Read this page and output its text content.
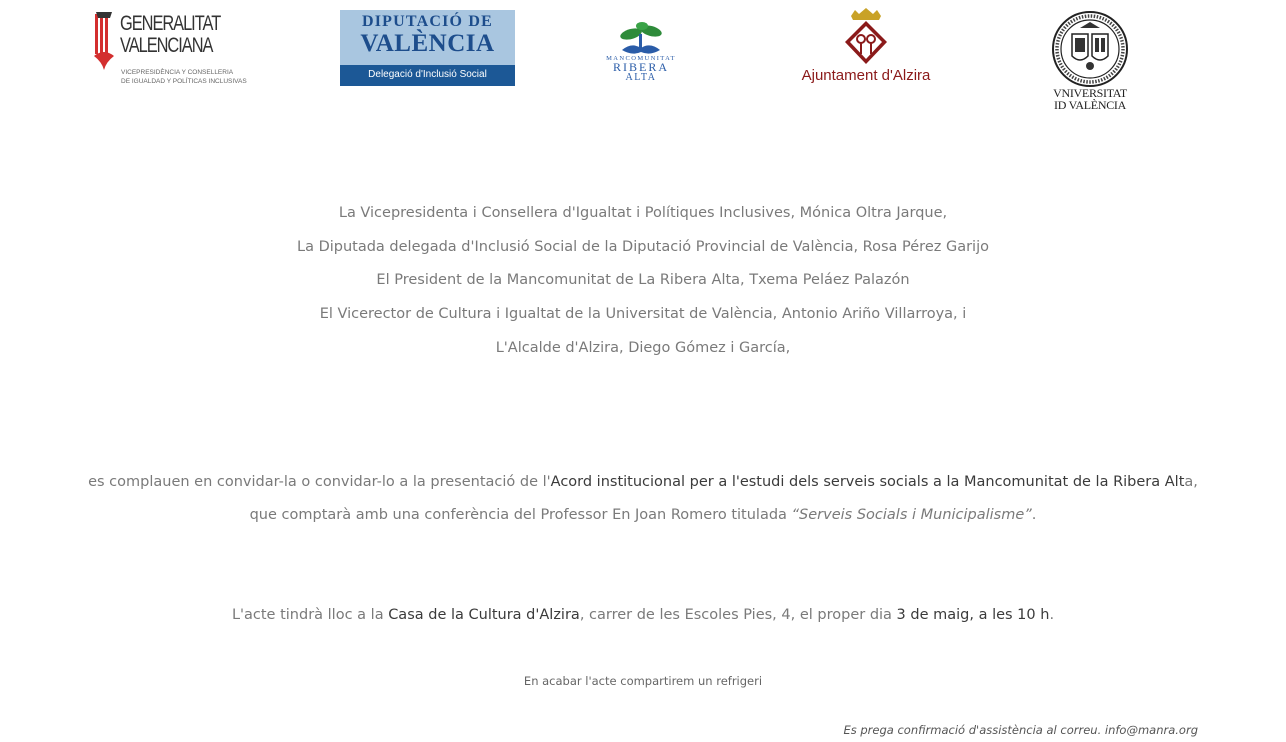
GENERALITAT
VALENCIANA
VICEPRESIDÈNCIA Y CONSELLERIA
DE IGUALDAD Y POLÍTICAS INCLUSIVAS
DIPUTACIÓ DE
VALÈNCIA
Delegació d'Inclusió Social
MANCOMUNITAT
RIBERA
ALTA	Ajuntament d'Alzira
VNIVERSITAT
ID VALÈNCIA
La Vicepresidenta i Consellera d'Igualtat i Polítiques Inclusives, Mónica Oltra Jarque,
La Diputada delegada d'Inclusió Social de la Diputació Provincial de València, Rosa Pérez Garijo
El President de la Mancomunitat de La Ribera Alta, Txema Peláez Palazón
El Vicerector de Cultura i Igualtat de la Universitat de València, Antonio Ariño Villarroya, i
L'Alcalde d'Alzira, Diego Gómez i García,
es complauen en convidar-la o convidar-lo a la presentació de l'Acord institucional per a l'estudi dels serveis socials a la Mancomunitat de la Ribera Alta,
que comptarà amb una conferència del Professor En Joan Romero titulada “Serveis Socials i Municipalisme”.
L'acte tindrà lloc a la Casa de la Cultura d'Alzira, carrer de les Escoles Pies, 4, el proper dia 3 de maig, a les 10 h.
En acabar l'acte compartirem un refrigeri
Es prega confirmació d'assistència al correu. info@manra.org
